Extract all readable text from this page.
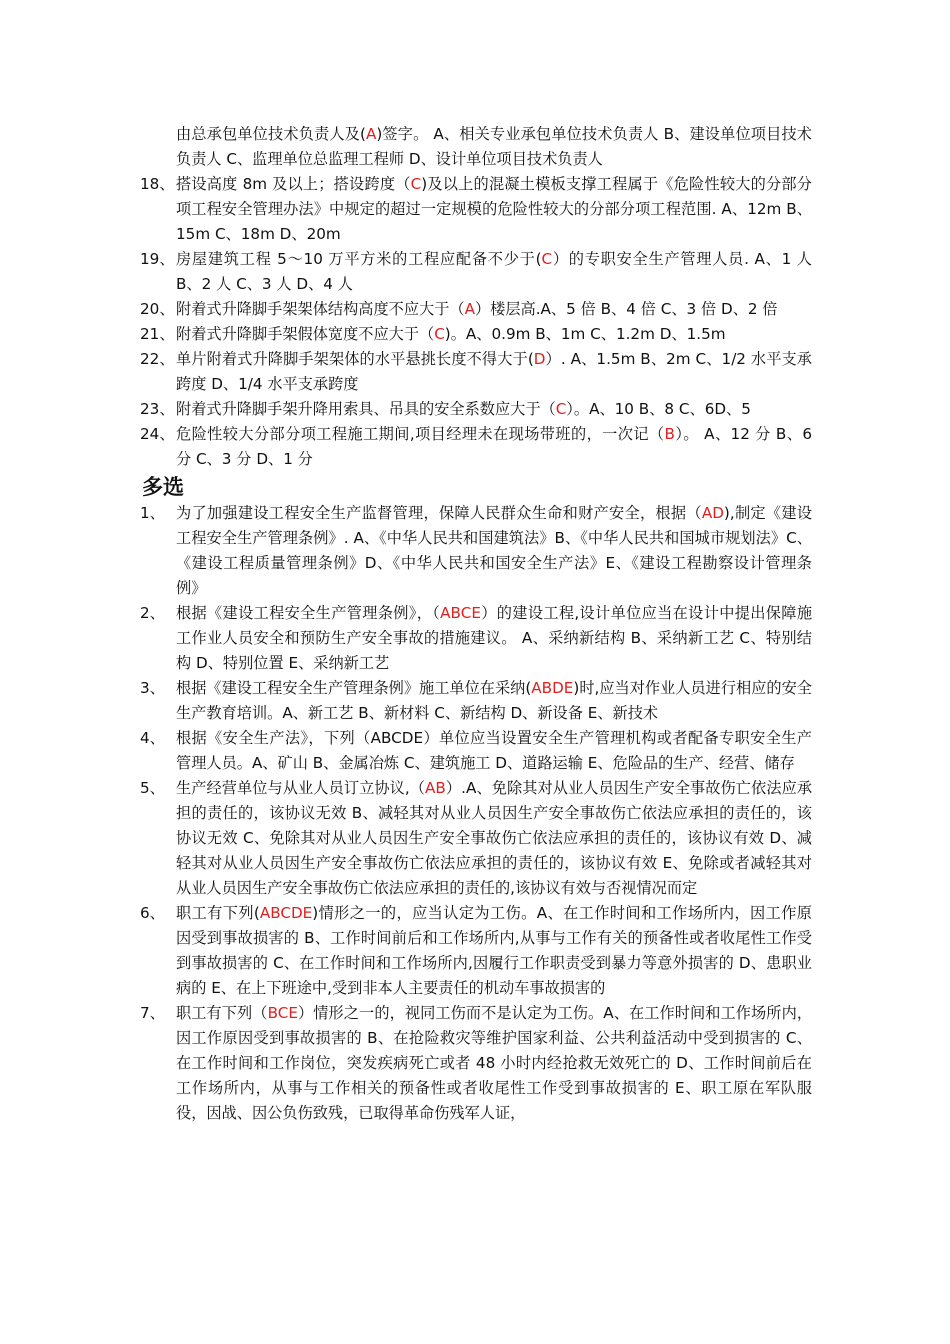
由总承包单位技术负责人及(A)签字。 A、相关专业承包单位技术负责人 B、建设单位项目技术负责人 C、监理单位总监理工程师 D、设计单位项目技术负责人
18、 搭设高度 8m 及以上；搭设跨度（C)及以上的混凝土模板支撑工程属于《危险性较大的分部分项工程安全管理办法》中规定的超过一定规模的危险性较大的分部分项工程范围. A、12m B、15m C、18m D、20m
19、 房屋建筑工程 5～10 万平方米的工程应配备不少于(C）的专职安全生产管理人员. A、1 人 B、2 人 C、3 人 D、4 人
20、 附着式升降脚手架架体结构高度不应大于（A）楼层高.A、5 倍 B、4 倍 C、3 倍 D、2 倍
21、 附着式升降脚手架假体宽度不应大于（C)。A、0.9m B、1m C、1.2m D、1.5m
22、 单片附着式升降脚手架架体的水平悬挑长度不得大于(D）. A、1.5m B、2m C、1/2 水平支承跨度 D、1/4 水平支承跨度
23、 附着式升降脚手架升降用索具、吊具的安全系数应大于（C）。A、10 B、8 C、6D、5
24、 危险性较大分部分项工程施工期间,项目经理未在现场带班的，一次记（B）。 A、12 分 B、6 分 C、3 分 D、1 分
多选
1、 为了加强建设工程安全生产监督管理，保障人民群众生命和财产安全，根据（AD),制定《建设工程安全生产管理条例》. A、《中华人民共和国建筑法》B、《中华人民共和国城市规划法》C、《建设工程质量管理条例》D、《中华人民共和国安全生产法》E、《建设工程勘察设计管理条例》
2、 根据《建设工程安全生产管理条例》，（ABCE）的建设工程,设计单位应当在设计中提出保障施工作业人员安全和预防生产安全事故的措施建议。 A、采纳新结构 B、采纳新工艺 C、特别结构 D、特别位置 E、采纳新工艺
3、 根据《建设工程安全生产管理条例》施工单位在采纳(ABDE)时,应当对作业人员进行相应的安全生产教育培训。A、新工艺 B、新材料 C、新结构 D、新设备 E、新技术
4、 根据《安全生产法》，下列（ABCDE）单位应当设置安全生产管理机构或者配备专职安全生产管理人员。A、矿山 B、金属冶炼 C、建筑施工 D、道路运输 E、危险品的生产、经营、储存
5、 生产经营单位与从业人员订立协议,（AB）.A、免除其对从业人员因生产安全事故伤亡依法应承担的责任的，该协议无效 B、减轻其对从业人员因生产安全事故伤亡依法应承担的责任的，该协议无效 C、免除其对从业人员因生产安全事故伤亡依法应承担的责任的，该协议有效 D、减轻其对从业人员因生产安全事故伤亡依法应承担的责任的，该协议有效 E、免除或者减轻其对从业人员因生产安全事故伤亡依法应承担的责任的,该协议有效与否视情况而定
6、 职工有下列(ABCDE)情形之一的，应当认定为工伤。A、在工作时间和工作场所内，因工作原因受到事故损害的 B、工作时间前后和工作场所内,从事与工作有关的预备性或者收尾性工作受到事故损害的 C、在工作时间和工作场所内,因履行工作职责受到暴力等意外损害的 D、患职业病的 E、在上下班途中,受到非本人主要责任的机动车事故损害的
7、 职工有下列（BCE）情形之一的，视同工伤而不是认定为工伤。A、在工作时间和工作场所内，因工作原因受到事故损害的 B、在抢险救灾等维护国家利益、公共利益活动中受到损害的 C、在工作时间和工作岗位，突发疾病死亡或者 48 小时内经抢救无效死亡的 D、工作时间前后在工作场所内，从事与工作相关的预备性或者收尾性工作受到事故损害的 E、职工原在军队服役，因战、因公负伤致残，已取得革命伤残军人证，
